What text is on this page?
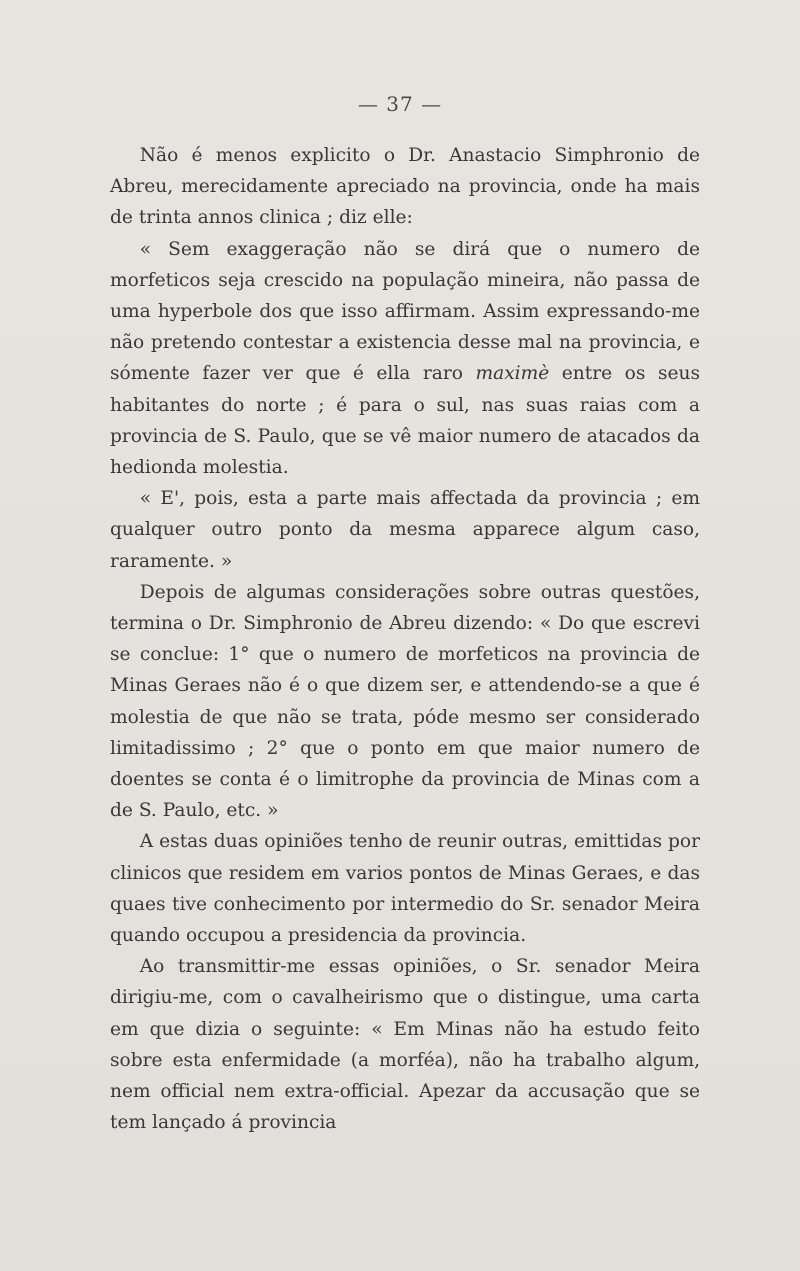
— 37 —

Não é menos explicito o Dr. Anastacio Simphronio de Abreu, merecidamente apreciado na provincia, onde ha mais de trinta annos clinica ; diz elle:

« Sem exaggeração não se dirá que o numero de morfeticos seja crescido na população mineira, não passa de uma hyperbole dos que isso affirmam. Assim expressando-me não pretendo contestar a existencia desse mal na provincia, e sómente fazer ver que é ella raro maximè entre os seus habitantes do norte ; é para o sul, nas suas raias com a provincia de S. Paulo, que se vê maior numero de atacados da hedionda molestia.

« E', pois, esta a parte mais affectada da provincia ; em qualquer outro ponto da mesma apparece algum caso, raramente. »

Depois de algumas considerações sobre outras questões, termina o Dr. Simphronio de Abreu dizendo: « Do que escrevi se conclue: 1° que o numero de morfeticos na provincia de Minas Geraes não é o que dizem ser, e attendendo-se a que é molestia de que não se trata, póde mesmo ser considerado limitadissimo ; 2° que o ponto em que maior numero de doentes se conta é o limitrophe da provincia de Minas com a de S. Paulo, etc. »

A estas duas opiniões tenho de reunir outras, emittidas por clinicos que residem em varios pontos de Minas Geraes, e das quaes tive conhecimento por intermedio do Sr. senador Meira quando occupou a presidencia da provincia.

Ao transmittir-me essas opiniões, o Sr. senador Meira dirigiu-me, com o cavalheirismo que o distingue, uma carta em que dizia o seguinte: « Em Minas não ha estudo feito sobre esta enfermidade (a morféa), não ha trabalho algum, nem official nem extra-official. Apezar da accusação que se tem lançado á provincia
